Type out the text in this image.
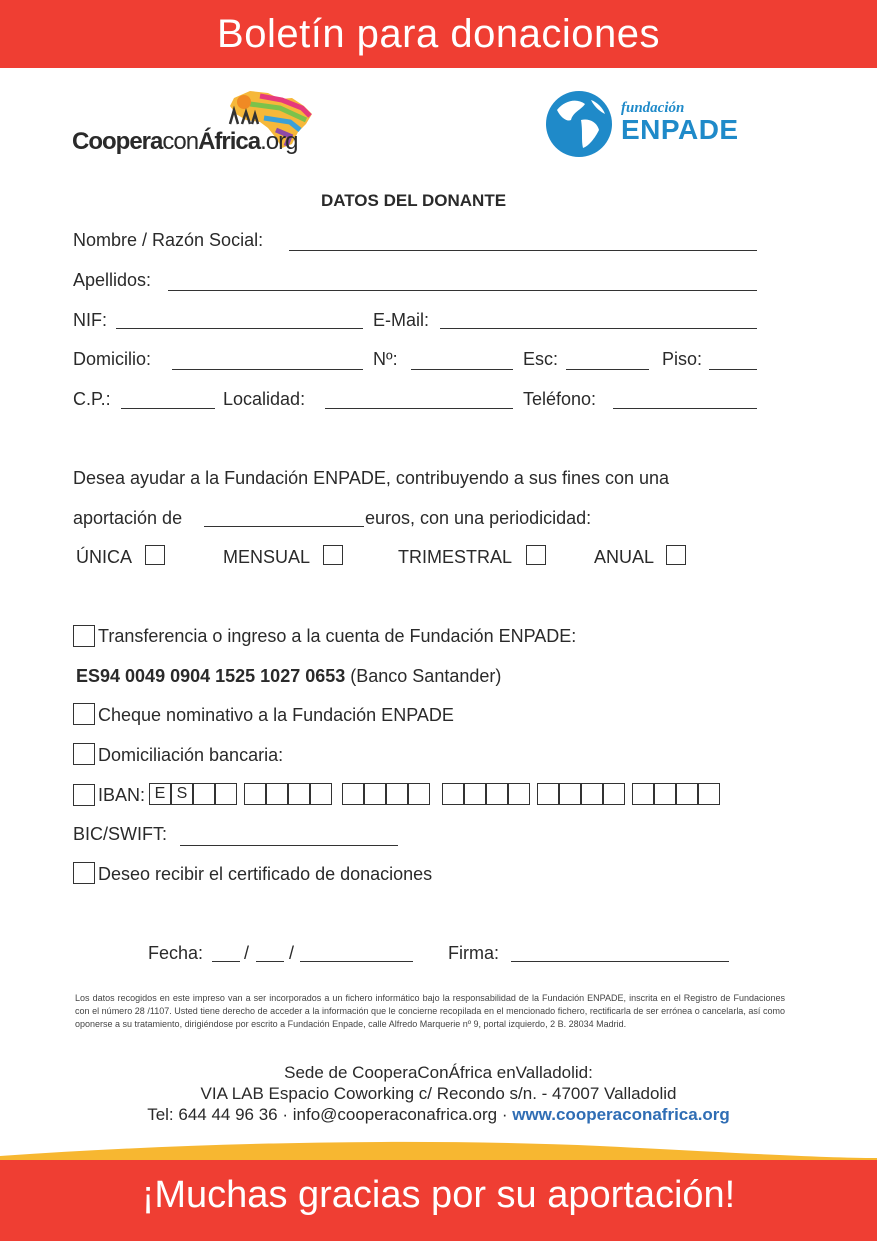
Boletín para donaciones
CooperaconÁfrica.org
fundación
ENPADE
DATOS DEL DONANTE
Nombre / Razón Social:
Apellidos:
NIF:	E-Mail:
Domicilio:	Nº:	Esc:	Piso:
C.P.:	Localidad:	Teléfono:
Desea ayudar a la Fundación ENPADE, contribuyendo a sus fines con una
aportación de	euros, con una periodicidad:
ÚNICA	MENSUAL	TRIMESTRAL	ANUAL
Transferencia o ingreso a la cuenta de Fundación ENPADE:
ES94 0049 0904 1525 1027 0653 (Banco Santander)
Cheque nominativo a la Fundación ENPADE
Domiciliación bancaria:
IBAN: E S
BIC/SWIFT:
Deseo recibir el certificado de donaciones
Fecha: / /	Firma:
Los datos recogidos en este impreso van a ser incorporados a un fichero informático bajo la responsabilidad de la Fundación ENPADE, inscrita en el Registro de Fundaciones con el número 28 /1107. Usted tiene derecho de acceder a la información que le concierne recopilada en el mencionado fichero, rectificarla de ser errónea o cancelarla, así como oponerse a su tratamiento, dirigiéndose por escrito a Fundación Enpade, calle Alfredo Marquerie nº 9, portal izquierdo, 2 B. 28034 Madrid.
Sede de CooperaConÁfrica enValladolid:
VIA LAB Espacio Coworking c/ Recondo s/n. - 47007 Valladolid
Tel: 644 44 96 36 · info@cooperaconafrica.org · www.cooperaconafrica.org
¡Muchas gracias por su aportación!
